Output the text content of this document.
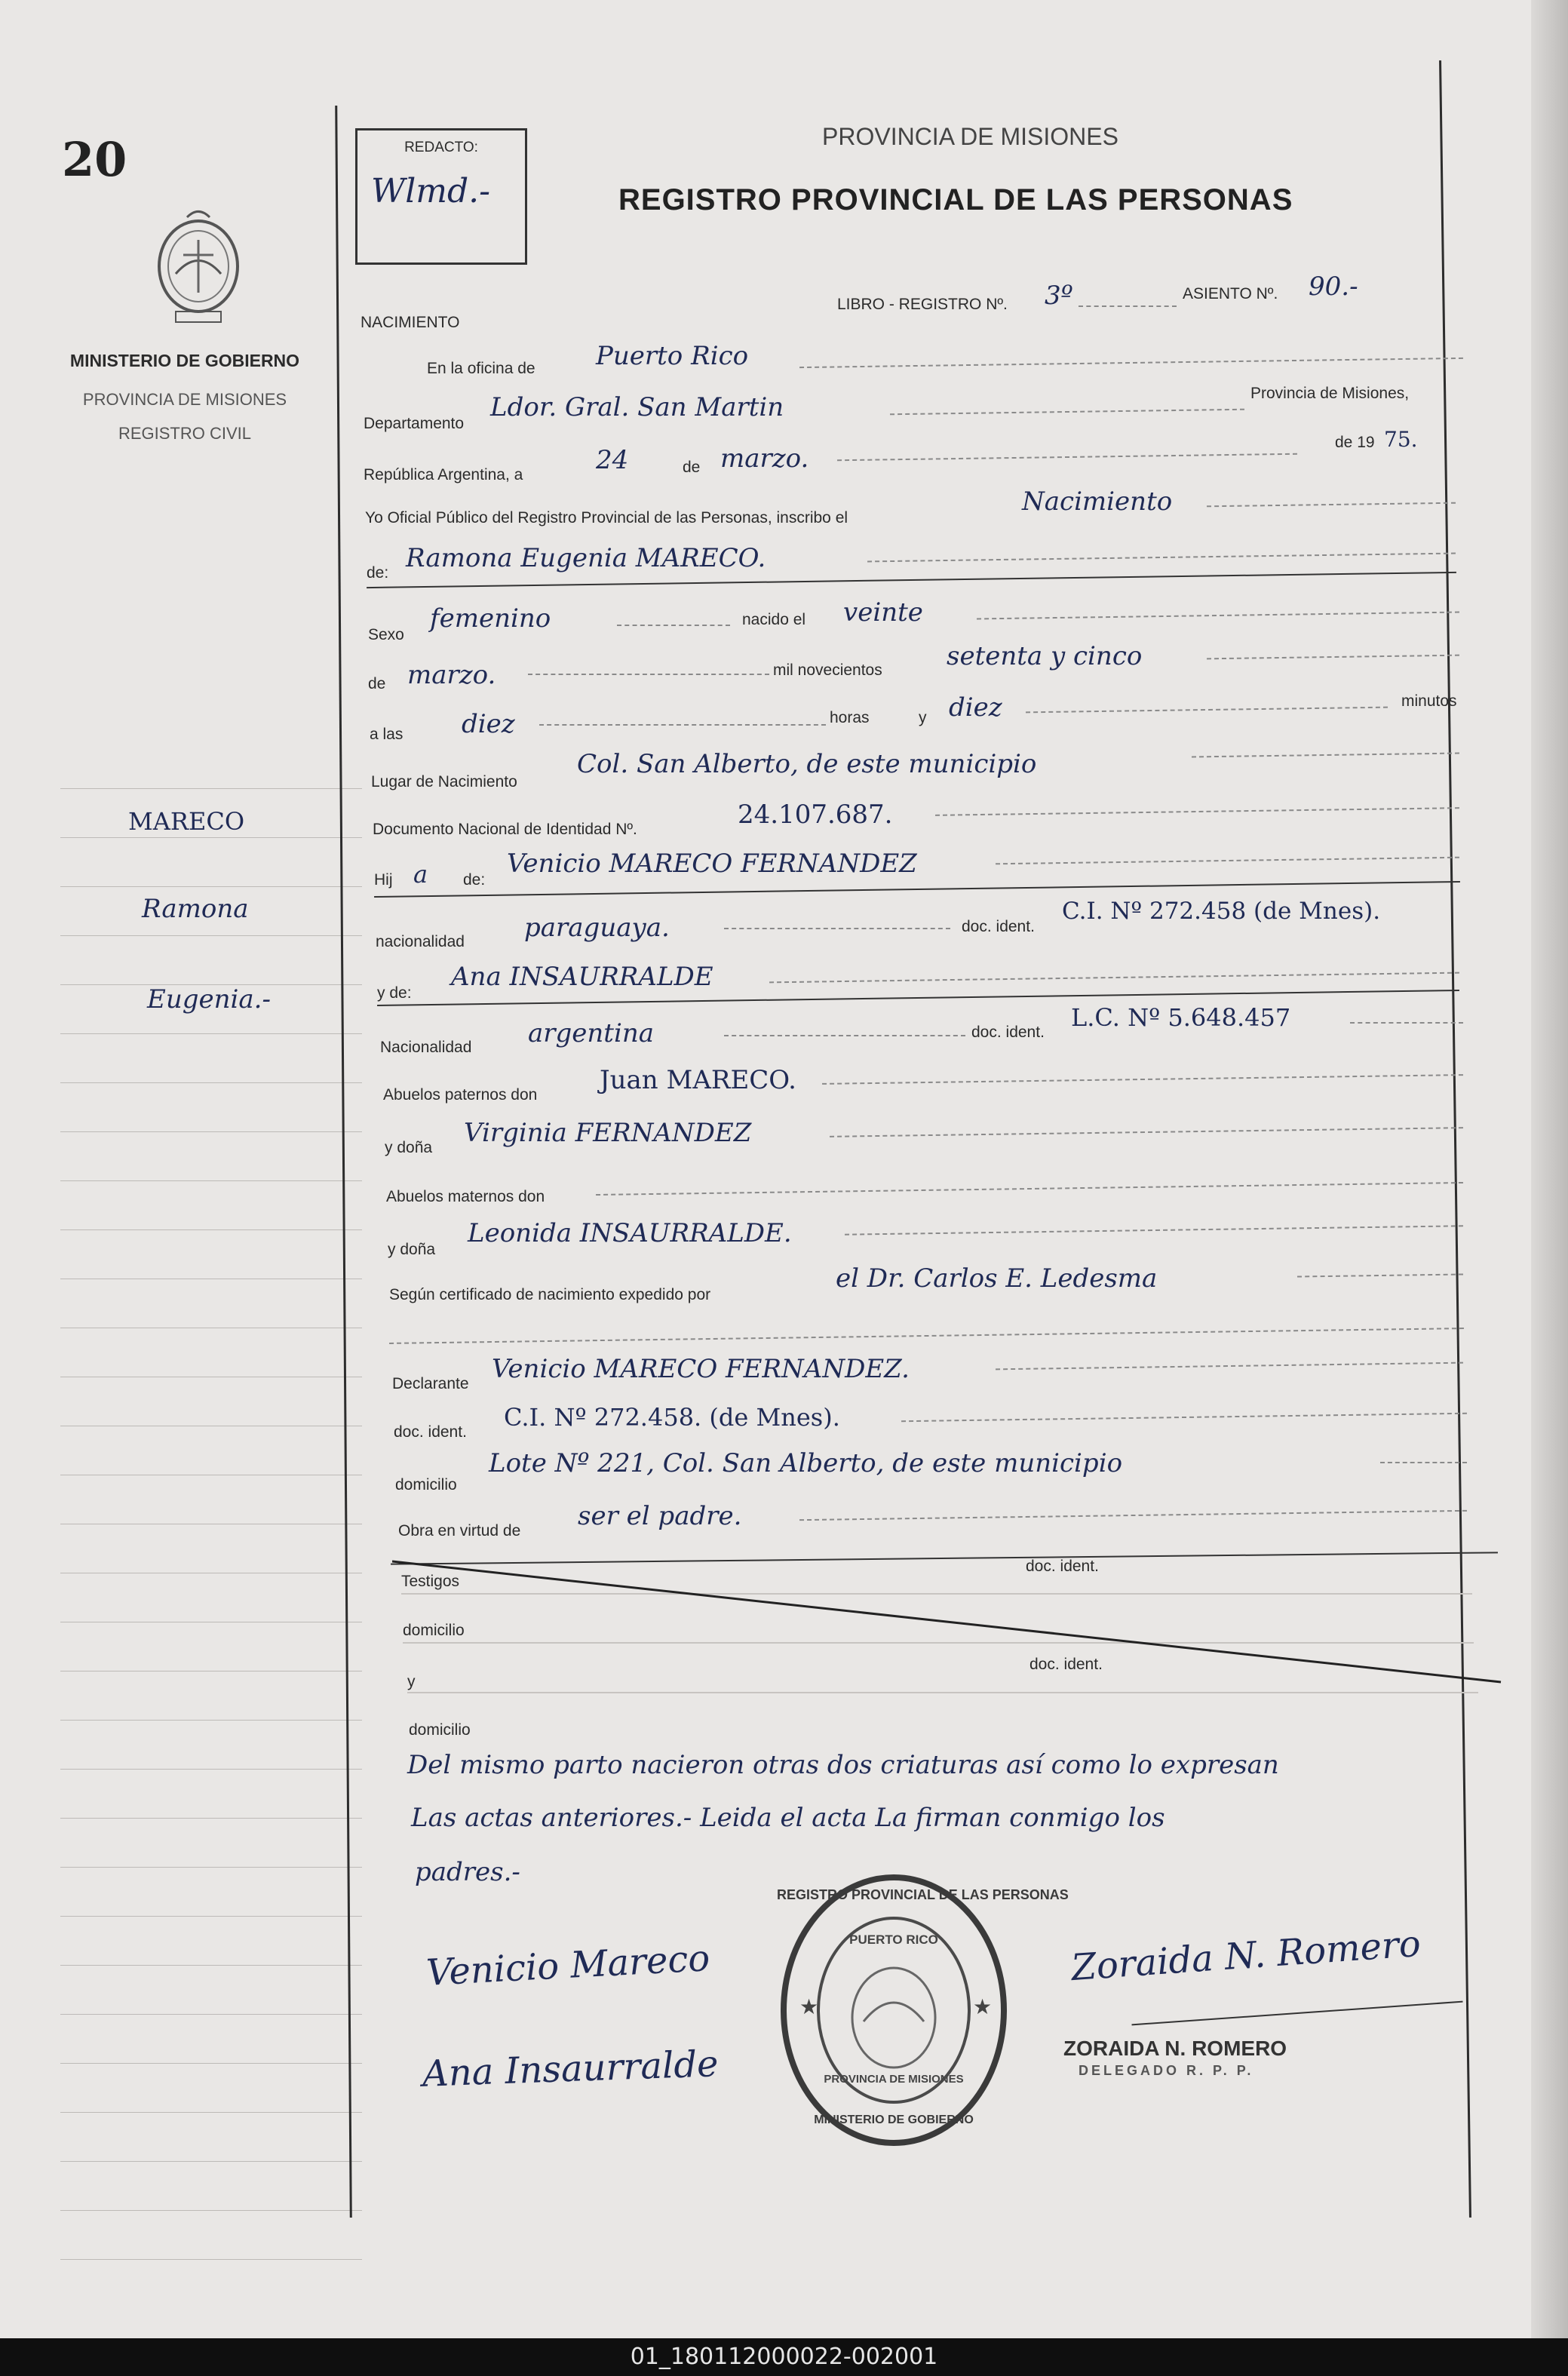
20
MINISTERIO DE GOBIERNO
PROVINCIA DE MISIONES
REGISTRO CIVIL
MARECO
Ramona
Eugenia.-
REDACTO:
Wlmd.-
PROVINCIA DE MISIONES
REGISTRO PROVINCIAL DE LAS PERSONAS
LIBRO - REGISTRO Nº. 3º	ASIENTO Nº. 90.-
NACIMIENTO
En la oficina de Puerto Rico
Departamento
Ldor. Gral. San Martin	Provincia de Misiones,
República Argentina, a	24	de marzo.
de 19 75.
Yo Oficial Público del Registro Provincial de las Personas, inscribo el
Nacimiento
de: Ramona Eugenia MARECO.
Sexo
femenino	nacido el veinte
de marzo.	mil novecientos	setenta y cinco
a las diez	horas	y diez	minutos
Lugar de Nacimiento
Col. San Alberto, de este municipio
Documento Nacional de Identidad Nº.	24.107.687.
Hij a de:
Venicio MARECO FERNANDEZ
nacionalidad paraguaya.	doc. ident.
C.I. Nº 272.458 (de Mnes).
y de:
Ana INSAURRALDE
Nacionalidad argentina	doc. ident.
L.C. Nº 5.648.457
Abuelos paternos don Juan MARECO.
y doña Virginia FERNANDEZ
Abuelos maternos don
y doña
Leonida INSAURRALDE.
Según certificado de nacimiento expedido por
el Dr. Carlos E. Ledesma
Declarante Venicio MARECO FERNANDEZ.
doc. ident.
C.I. Nº 272.458. (de Mnes).
domicilio
Lote Nº 221, Col. San Alberto, de este municipio
Obra en virtud de ser el padre.
Testigos
doc. ident.
domicilio
y
doc. ident.
domicilio
Del mismo parto nacieron otras dos criaturas así como lo expresan
Las actas anteriores.- Leida el acta La firman conmigo los
padres.-
Venicio Mareco
Ana Insaurralde
Zoraida N. Romero
ZORAIDA N. ROMERO
DELEGADO R. P. P.
★	★
REGISTRO PROVINCIAL DE LAS PERSONAS
PUERTO RICO
PROVINCIA DE MISIONES
MINISTERIO DE GOBIERNO
01_180112000022-002001
